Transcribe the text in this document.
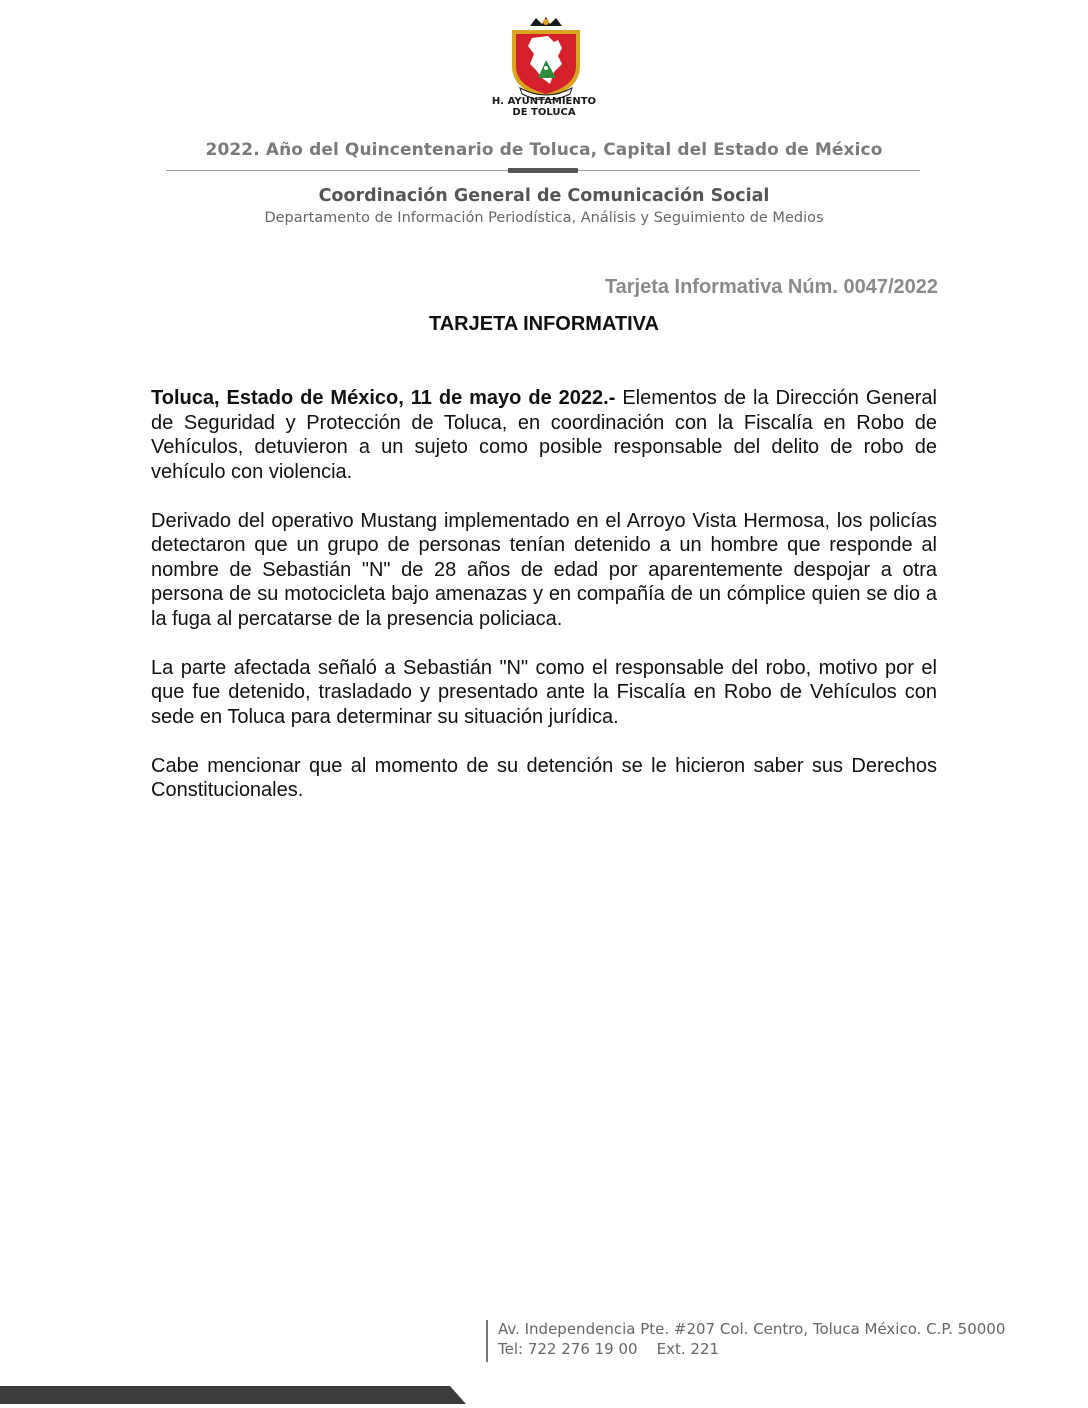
H. AYUNTAMIENTO
DE TOLUCA
2022. Año del Quincentenario de Toluca, Capital del Estado de México
Coordinación General de Comunicación Social
Departamento de Información Periodística, Análisis y Seguimiento de Medios
Tarjeta Informativa Núm. 0047/2022
TARJETA INFORMATIVA

Toluca, Estado de México, 11 de mayo de 2022.- Elementos de la Dirección General de Seguridad y Protección de Toluca, en coordinación con la Fiscalía en Robo de Vehículos, detuvieron a un sujeto como posible responsable del delito de robo de vehículo con violencia.

Derivado del operativo Mustang implementado en el Arroyo Vista Hermosa, los policías detectaron que un grupo de personas tenían detenido a un hombre que responde al nombre de Sebastián "N" de 28 años de edad por aparentemente despojar a otra persona de su motocicleta bajo amenazas y en compañía de un cómplice quien se dio a la fuga al percatarse de la presencia policiaca.

La parte afectada señaló a Sebastián "N" como el responsable del robo, motivo por el que fue detenido, trasladado y presentado ante la Fiscalía en Robo de Vehículos con sede en Toluca para determinar su situación jurídica.

Cabe mencionar que al momento de su detención se le hicieron saber sus Derechos Constitucionales.

Av. Independencia Pte. #207 Col. Centro, Toluca México. C.P. 50000
Tel: 722 276 19 00    Ext. 221
